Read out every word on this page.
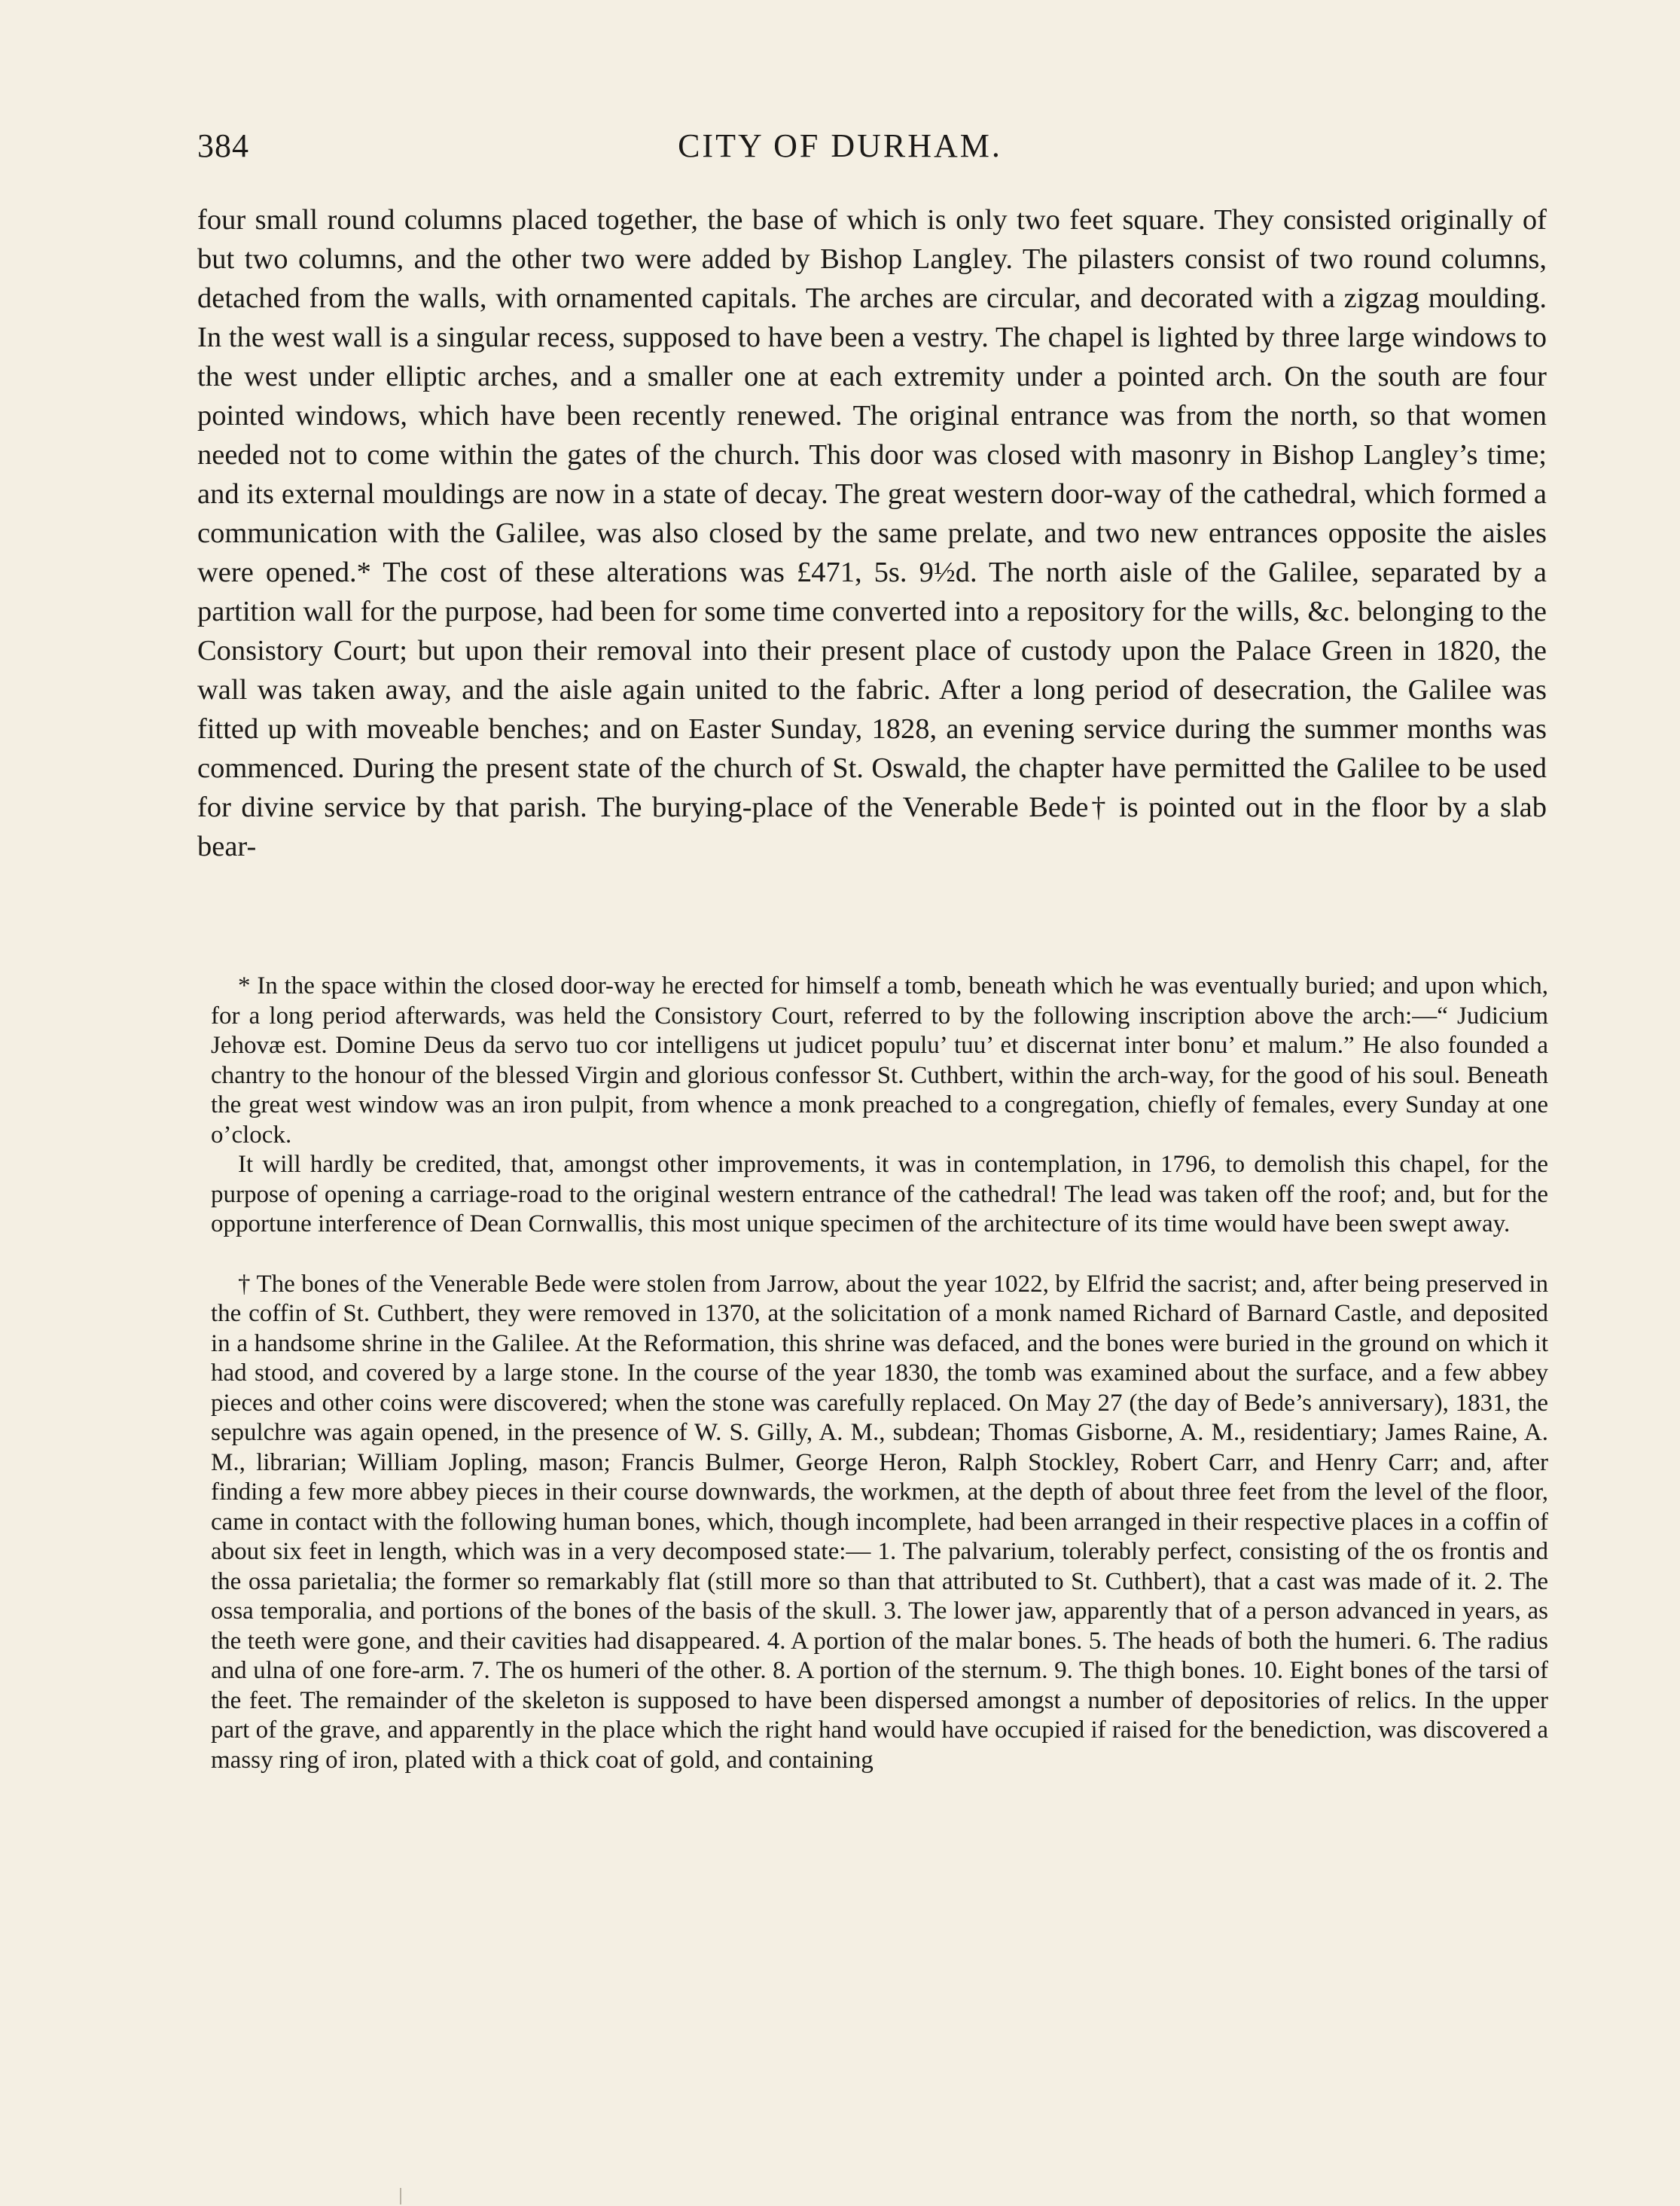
384	CITY OF DURHAM.

four small round columns placed together, the base of which is only two feet square. They consisted originally of but two columns, and the other two were added by Bishop Langley. The pilasters consist of two round columns, detached from the walls, with ornamented capitals. The arches are circular, and decorated with a zigzag moulding. In the west wall is a singular recess, supposed to have been a vestry. The chapel is lighted by three large windows to the west under elliptic arches, and a smaller one at each extremity under a pointed arch. On the south are four pointed windows, which have been recently renewed. The original entrance was from the north, so that women needed not to come within the gates of the church. This door was closed with masonry in Bishop Langley’s time; and its external mouldings are now in a state of decay. The great western door-way of the cathedral, which formed a communication with the Galilee, was also closed by the same prelate, and two new entrances opposite the aisles were opened.* The cost of these alterations was £471, 5s. 9½d. The north aisle of the Galilee, separated by a partition wall for the purpose, had been for some time converted into a repository for the wills, &c. belonging to the Consistory Court; but upon their removal into their present place of custody upon the Palace Green in 1820, the wall was taken away, and the aisle again united to the fabric. After a long period of desecration, the Galilee was fitted up with moveable benches; and on Easter Sunday, 1828, an evening service during the summer months was commenced. During the present state of the church of St. Oswald, the chapter have permitted the Galilee to be used for divine service by that parish. The burying-place of the Venerable Bede† is pointed out in the floor by a slab bear-

* In the space within the closed door-way he erected for himself a tomb, beneath which he was eventually buried; and upon which, for a long period afterwards, was held the Consistory Court, referred to by the following inscription above the arch:—“ Judicium Jehovæ est. Domine Deus da servo tuo cor intelligens ut judicet populu’ tuu’ et discernat inter bonu’ et malum.” He also founded a chantry to the honour of the blessed Virgin and glorious confessor St. Cuthbert, within the arch-way, for the good of his soul. Beneath the great west window was an iron pulpit, from whence a monk preached to a congregation, chiefly of females, every Sunday at one o’clock.

It will hardly be credited, that, amongst other improvements, it was in contemplation, in 1796, to demolish this chapel, for the purpose of opening a carriage-road to the original western entrance of the cathedral! The lead was taken off the roof; and, but for the opportune interference of Dean Cornwallis, this most unique specimen of the architecture of its time would have been swept away.

† The bones of the Venerable Bede were stolen from Jarrow, about the year 1022, by Elfrid the sacrist; and, after being preserved in the coffin of St. Cuthbert, they were removed in 1370, at the solicitation of a monk named Richard of Barnard Castle, and deposited in a handsome shrine in the Galilee. At the Reformation, this shrine was defaced, and the bones were buried in the ground on which it had stood, and covered by a large stone. In the course of the year 1830, the tomb was examined about the surface, and a few abbey pieces and other coins were discovered; when the stone was carefully replaced. On May 27 (the day of Bede’s anniversary), 1831, the sepulchre was again opened, in the presence of W. S. Gilly, A. M., subdean; Thomas Gisborne, A. M., residentiary; James Raine, A. M., librarian; William Jopling, mason; Francis Bulmer, George Heron, Ralph Stockley, Robert Carr, and Henry Carr; and, after finding a few more abbey pieces in their course downwards, the workmen, at the depth of about three feet from the level of the floor, came in contact with the following human bones, which, though incomplete, had been arranged in their respective places in a coffin of about six feet in length, which was in a very decomposed state:— 1. The palvarium, tolerably perfect, consisting of the os frontis and the ossa parietalia; the former so remarkably flat (still more so than that attributed to St. Cuthbert), that a cast was made of it. 2. The ossa temporalia, and portions of the bones of the basis of the skull. 3. The lower jaw, apparently that of a person advanced in years, as the teeth were gone, and their cavities had disappeared. 4. A portion of the malar bones. 5. The heads of both the humeri. 6. The radius and ulna of one fore-arm. 7. The os humeri of the other. 8. A portion of the sternum. 9. The thigh bones. 10. Eight bones of the tarsi of the feet. The remainder of the skeleton is supposed to have been dispersed amongst a number of depositories of relics. In the upper part of the grave, and apparently in the place which the right hand would have occupied if raised for the benediction, was discovered a massy ring of iron, plated with a thick coat of gold, and containing
